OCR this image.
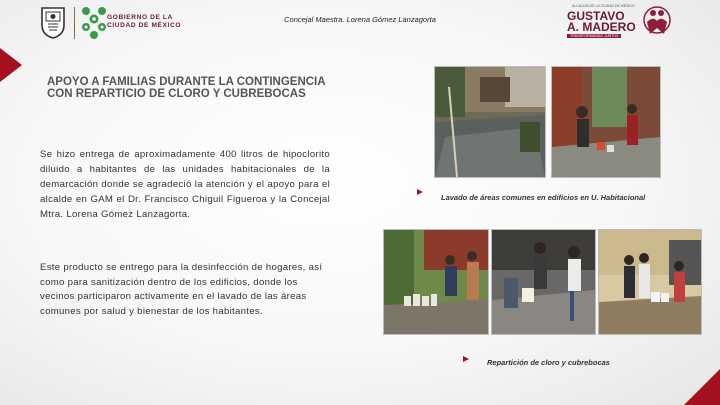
GOBIERNO DE LA
CIUDAD DE MÉXICO
Concejal Maestra. Lorena Gómez Lanzagorta
ALCALDÍA DE LA CIUDAD DE MÉXICO
GUSTAVO
A. MADERO
TRANSFORMANDO JUNTOS
APOYO A FAMILIAS DURANTE LA CONTINGENCIA CON REPARTICIO DE CLORO Y CUBREBOCAS
Se hizo entrega de aproximadamente 400 litros de hipoclorito diluido a habitantes de las unidades habitacionales de la demarcación donde se agradeció la atención y el apoyo para el alcalde en GAM el Dr. Francisco Chiguil Figueroa y la Concejal Mtra. Lorena Gómez Lanzagorta.
Este producto se entrego para la desinfección de hogares, así como para sanitización dentro de los edificios, donde los vecinos participaron activamente en el lavado de las áreas comunes por salud y bienestar de los habitantes.
Lavado de áreas comunes en edificios en U. Habitacional
Repartición de cloro y cubrebocas
